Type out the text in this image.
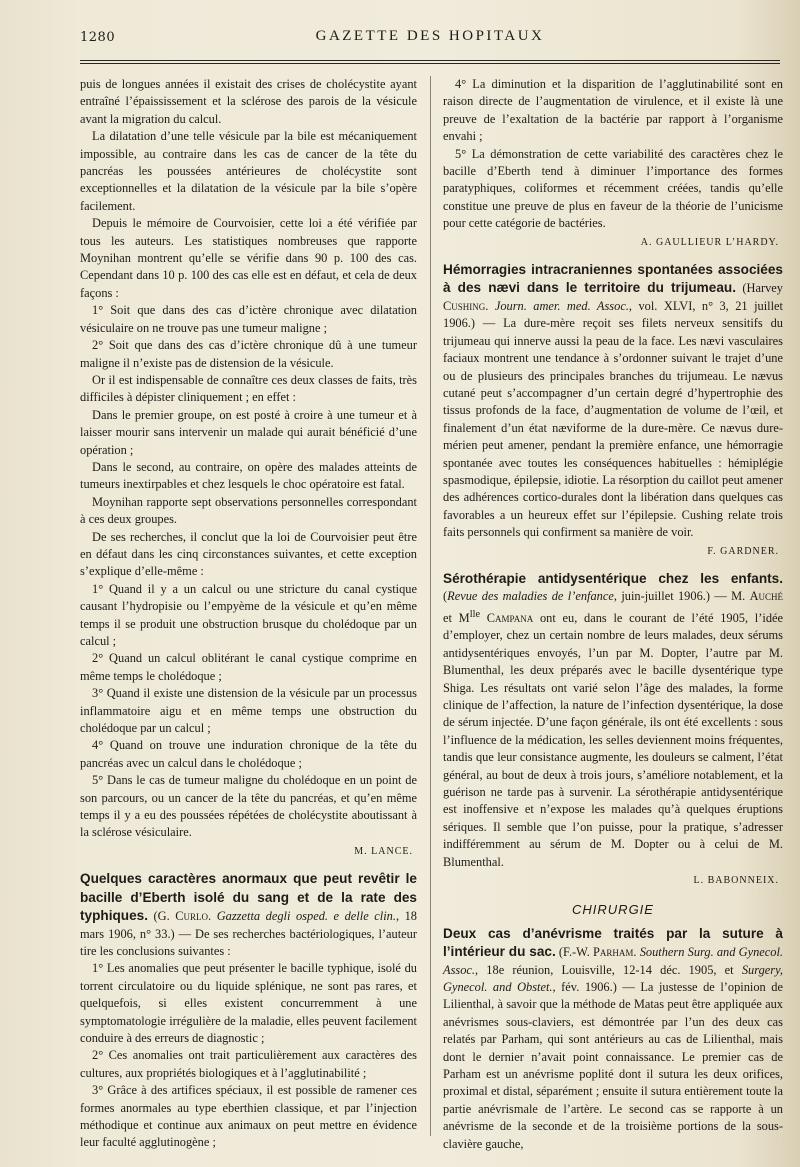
1280	GAZETTE DES HOPITAUX

puis de longues années il existait des crises de cholécystite ayant entraîné l’épaississement et la sclérose des parois de la vésicule avant la migration du calcul.

La dilatation d’une telle vésicule par la bile est mécaniquement impossible, au contraire dans les cas de cancer de la tête du pancréas les poussées antérieures de cholécystite sont exceptionnelles et la dilatation de la vésicule par la bile s’opère facilement.

Depuis le mémoire de Courvoisier, cette loi a été vérifiée par tous les auteurs. Les statistiques nombreuses que rapporte Moynihan montrent qu’elle se vérifie dans 90 p. 100 des cas. Cependant dans 10 p. 100 des cas elle est en défaut, et cela de deux façons :

1° Soit que dans des cas d’ictère chronique avec dilatation vésiculaire on ne trouve pas une tumeur maligne ;

2° Soit que dans des cas d’ictère chronique dû à une tumeur maligne il n’existe pas de distension de la vésicule.

Or il est indispensable de connaître ces deux classes de faits, très difficiles à dépister cliniquement ; en effet :

Dans le premier groupe, on est posté à croire à une tumeur et à laisser mourir sans intervenir un malade qui aurait bénéficié d’une opération ;

Dans le second, au contraire, on opère des malades atteints de tumeurs inextirpables et chez lesquels le choc opératoire est fatal.

Moynihan rapporte sept observations personnelles correspondant à ces deux groupes.

De ses recherches, il conclut que la loi de Courvoisier peut être en défaut dans les cinq circonstances suivantes, et cette exception s’explique d’elle-même :

1° Quand il y a un calcul ou une stricture du canal cystique causant l’hydropisie ou l’empyème de la vésicule et qu’en même temps il se produit une obstruction brusque du cholédoque par un calcul ;

2° Quand un calcul oblitérant le canal cystique comprime en même temps le cholédoque ;

3° Quand il existe une distension de la vésicule par un processus inflammatoire aigu et en même temps une obstruction du cholédoque par un calcul ;

4° Quand on trouve une induration chronique de la tête du pancréas avec un calcul dans le cholédoque ;

5° Dans le cas de tumeur maligne du cholédoque en un point de son parcours, ou un cancer de la tête du pancréas, et qu’en même temps il y a eu des poussées répétées de cholécystite aboutissant à la sclérose vésiculaire.

M. LANCE.

Quelques caractères anormaux que peut revêtir le bacille d’Eberth isolé du sang et de la rate des typhiques. (G. Curlo. Gazzetta degli osped. e delle clin., 18 mars 1906, n° 33.) — De ses recherches bactériologiques, l’auteur tire les conclusions suivantes :

1° Les anomalies que peut présenter le bacille typhique, isolé du torrent circulatoire ou du liquide splénique, ne sont pas rares, et quelquefois, si elles existent concurremment à une symptomatologie irrégulière de la maladie, elles peuvent facilement conduire à des erreurs de diagnostic ;

2° Ces anomalies ont trait particulièrement aux caractères des cultures, aux propriétés biologiques et à l’agglutinabilité ;

3° Grâce à des artifices spéciaux, il est possible de ramener ces formes anormales au type eberthien classique, et par l’injection méthodique et continue aux animaux on peut mettre en évidence leur faculté agglutinogène ;

4° La diminution et la disparition de l’agglutinabilité sont en raison directe de l’augmentation de virulence, et il existe là une preuve de l’exaltation de la bactérie par rapport à l’organisme envahi ;

5° La démonstration de cette variabilité des caractères chez le bacille d’Eberth tend à diminuer l’importance des formes paratyphiques, coliformes et récemment créées, tandis qu’elle constitue une preuve de plus en faveur de la théorie de l’unicisme pour cette catégorie de bactéries.

A. GAULLIEUR L’HARDY.

Hémorragies intracraniennes spontanées associées à des nævi dans le territoire du trijumeau. (Harvey Cushing. Journ. amer. med. Assoc., vol. XLVI, n° 3, 21 juillet 1906.) — La dure-mère reçoit ses filets nerveux sensitifs du trijumeau qui innerve aussi la peau de la face. Les nævi vasculaires faciaux montrent une tendance à s’ordonner suivant le trajet d’une ou de plusieurs des principales branches du trijumeau. Le nævus cutané peut s’accompagner d’un certain degré d’hypertrophie des tissus profonds de la face, d’augmentation de volume de l’œil, et finalement d’un état næviforme de la dure-mère. Ce nævus dure-mérien peut amener, pendant la première enfance, une hémorragie spontanée avec toutes les conséquences habituelles : hémiplégie spasmodique, épilepsie, idiotie. La résorption du caillot peut amener des adhérences cortico-durales dont la libération dans quelques cas favorables a un heureux effet sur l’épilepsie. Cushing relate trois faits personnels qui confirment sa manière de voir.

F. GARDNER.

Sérothérapie antidysentérique chez les enfants. (Revue des maladies de l’enfance, juin-juillet 1906.) — M. Auché et $M^{lle}$ Campana ont eu, dans le courant de l’été 1905, l’idée d’employer, chez un certain nombre de leurs malades, deux sérums antidysentériques envoyés, l’un par M. Dopter, l’autre par M. Blumenthal, les deux préparés avec le bacille dysentérique type Shiga. Les résultats ont varié selon l’âge des malades, la forme clinique de l’affection, la nature de l’infection dysentérique, la dose de sérum injectée. D’une façon générale, ils ont été excellents : sous l’influence de la médication, les selles deviennent moins fréquentes, tandis que leur consistance augmente, les douleurs se calment, l’état général, au bout de deux à trois jours, s’améliore notablement, et la guérison ne tarde pas à survenir. La sérothérapie antidysentérique est inoffensive et n’expose les malades qu’à quelques éruptions sériques. Il semble que l’on puisse, pour la pratique, s’adresser indifféremment au sérum de M. Dopter ou à celui de M. Blumenthal.

L. BABONNEIX.

CHIRURGIE

Deux cas d’anévrisme traités par la suture à l’intérieur du sac. (F.-W. Parham. Southern Surg. and Gynecol. Assoc., 18e réunion, Louisville, 12-14 déc. 1905, et Surgery, Gynecol. and Obstet., fév. 1906.) — La justesse de l’opinion de Lilienthal, à savoir que la méthode de Matas peut être appliquée aux anévrismes sous-claviers, est démontrée par l’un des deux cas relatés par Parham, qui sont antérieurs au cas de Lilienthal, mais dont le dernier n’avait point connaissance. Le premier cas de Parham est un anévrisme poplité dont il sutura les deux orifices, proximal et distal, séparément ; ensuite il sutura entièrement toute la partie anévrismale de l’artère. Le second cas se rapporte à un anévrisme de la seconde et de la troisième portions de la sous-clavière gauche,
